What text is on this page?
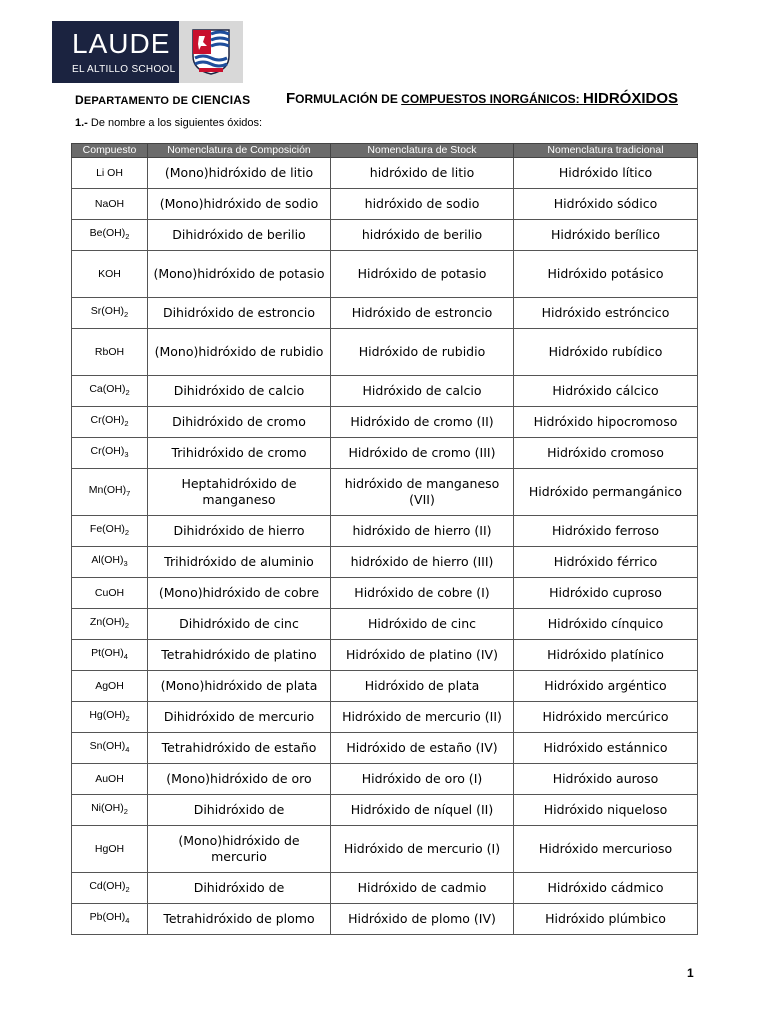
LAUDE
EL ALTILLO SCHOOL
DEPARTAMENTO DE CIENCIAS FORMULACIÓN DE COMPUESTOS INORGÁNICOS: HIDRÓXIDOS
1.- De nombre a los siguientes óxidos:
Compuesto	Nomenclatura de Composición	Nomenclatura de Stock	Nomenclatura tradicional
Li OH	(Mono)hidróxido de litio	hidróxido de litio	Hidróxido lítico
NaOH	(Mono)hidróxido de sodio	hidróxido de sodio	Hidróxido sódico
$Be(OH)_2$	Dihidróxido de berilio	hidróxido de berilio	Hidróxido berílico
KOH	(Mono)hidróxido de potasio	Hidróxido de potasio	Hidróxido potásico
$Sr(OH)_2$	Dihidróxido de estroncio	Hidróxido de estroncio	Hidróxido estróncico
RbOH	(Mono)hidróxido de rubidio	Hidróxido de rubidio	Hidróxido rubídico
$Ca(OH)_2$	Dihidróxido de calcio	Hidróxido de calcio	Hidróxido cálcico
$Cr(OH)_2$	Dihidróxido de cromo	Hidróxido de cromo (II)	Hidróxido hipocromoso
$Cr(OH)_3$	Trihidróxido de cromo	Hidróxido de cromo (III)	Hidróxido cromoso
$Mn(OH)_7$	Heptahidróxido de manganeso	hidróxido de manganeso (VII)	Hidróxido permangánico
$Fe(OH)_2$	Dihidróxido de hierro	hidróxido de hierro (II)	Hidróxido ferroso
$Al(OH)_3$	Trihidróxido de aluminio	hidróxido de hierro (III)	Hidróxido férrico
CuOH	(Mono)hidróxido de cobre	Hidróxido de cobre (I)	Hidróxido cuproso
$Zn(OH)_2$	Dihidróxido de cinc	Hidróxido de cinc	Hidróxido cínquico
$Pt(OH)_4$	Tetrahidróxido de platino	Hidróxido de platino (IV)	Hidróxido platínico
AgOH	(Mono)hidróxido de plata	Hidróxido de plata	Hidróxido argéntico
$Hg(OH)_2$	Dihidróxido de mercurio	Hidróxido de mercurio (II)	Hidróxido mercúrico
$Sn(OH)_4$	Tetrahidróxido de estaño	Hidróxido de estaño (IV)	Hidróxido estánnico
AuOH	(Mono)hidróxido de oro	Hidróxido de oro (I)	Hidróxido auroso
$Ni(OH)_2$	Dihidróxido de	Hidróxido de níquel (II)	Hidróxido niqueloso
HgOH	(Mono)hidróxido de mercurio	Hidróxido de mercurio (I)	Hidróxido mercurioso
$Cd(OH)_2$	Dihidróxido de	Hidróxido de cadmio	Hidróxido cádmico
$Pb(OH)_4$	Tetrahidróxido de plomo	Hidróxido de plomo (IV)	Hidróxido plúmbico
1
